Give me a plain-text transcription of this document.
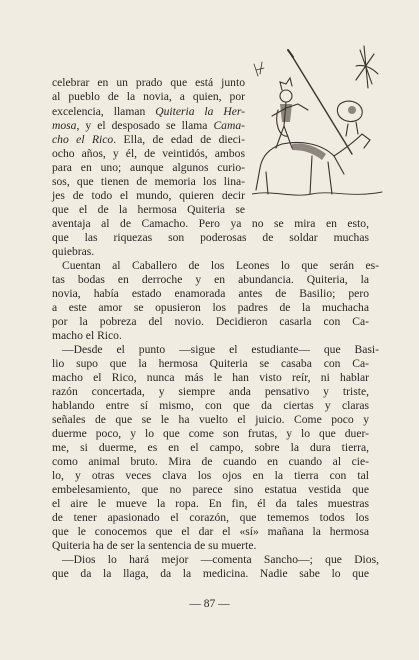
celebrar en un prado que está junto
al pueblo de la novia, a quien, por
excelencia, llaman Quiteria la Her-
mosa, y el desposado se llama Cama-
cho el Rico. Ella, de edad de dieci-
ocho años, y él, de veintidós, ambos
para en uno; aunque algunos curio-
sos, que tienen de memoria los lina-
jes de todo el mundo, quieren decir
que el de la hermosa Quiteria se
aventaja al de Camacho. Pero ya no se mira en esto,
que las riquezas son poderosas de soldar muchas
quiebras.
Cuentan al Caballero de los Leones lo que serán es-
tas bodas en derroche y en abundancia. Quiteria, la
novia, había estado enamorada antes de Basilio; pero
a este amor se opusieron los padres de la muchacha
por la pobreza del novio. Decidieron casarla con Ca-
macho el Rico.
—Desde el punto —sigue el estudiante— que Basi-
lio supo que la hermosa Quiteria se casaba con Ca-
macho el Rico, nunca más le han visto reír, ni hablar
razón concertada, y siempre anda pensativo y triste,
hablando entre sí mismo, con que da ciertas y claras
señales de que se le ha vuelto el juicio. Come poco y
duerme poco, y lo que come son frutas, y lo que duer-
me, si duerme, es en el campo, sobre la dura tierra,
como animal bruto. Mira de cuando en cuando al cie-
lo, y otras veces clava los ojos en la tierra con tal
embelesamiento, que no parece sino estatua vestida que
el aire le mueve la ropa. En fin, él da tales muestras
de tener apasionado el corazón, que tememos todos los
que le conocemos que el dar el «sí» mañana la hermosa
Quiteria ha de ser la sentencia de su muerte.
—Dios lo hará mejor —comenta Sancho—; que Dios,
que da la llaga, da la medicina. Nadie sabe lo que
— 87 —
